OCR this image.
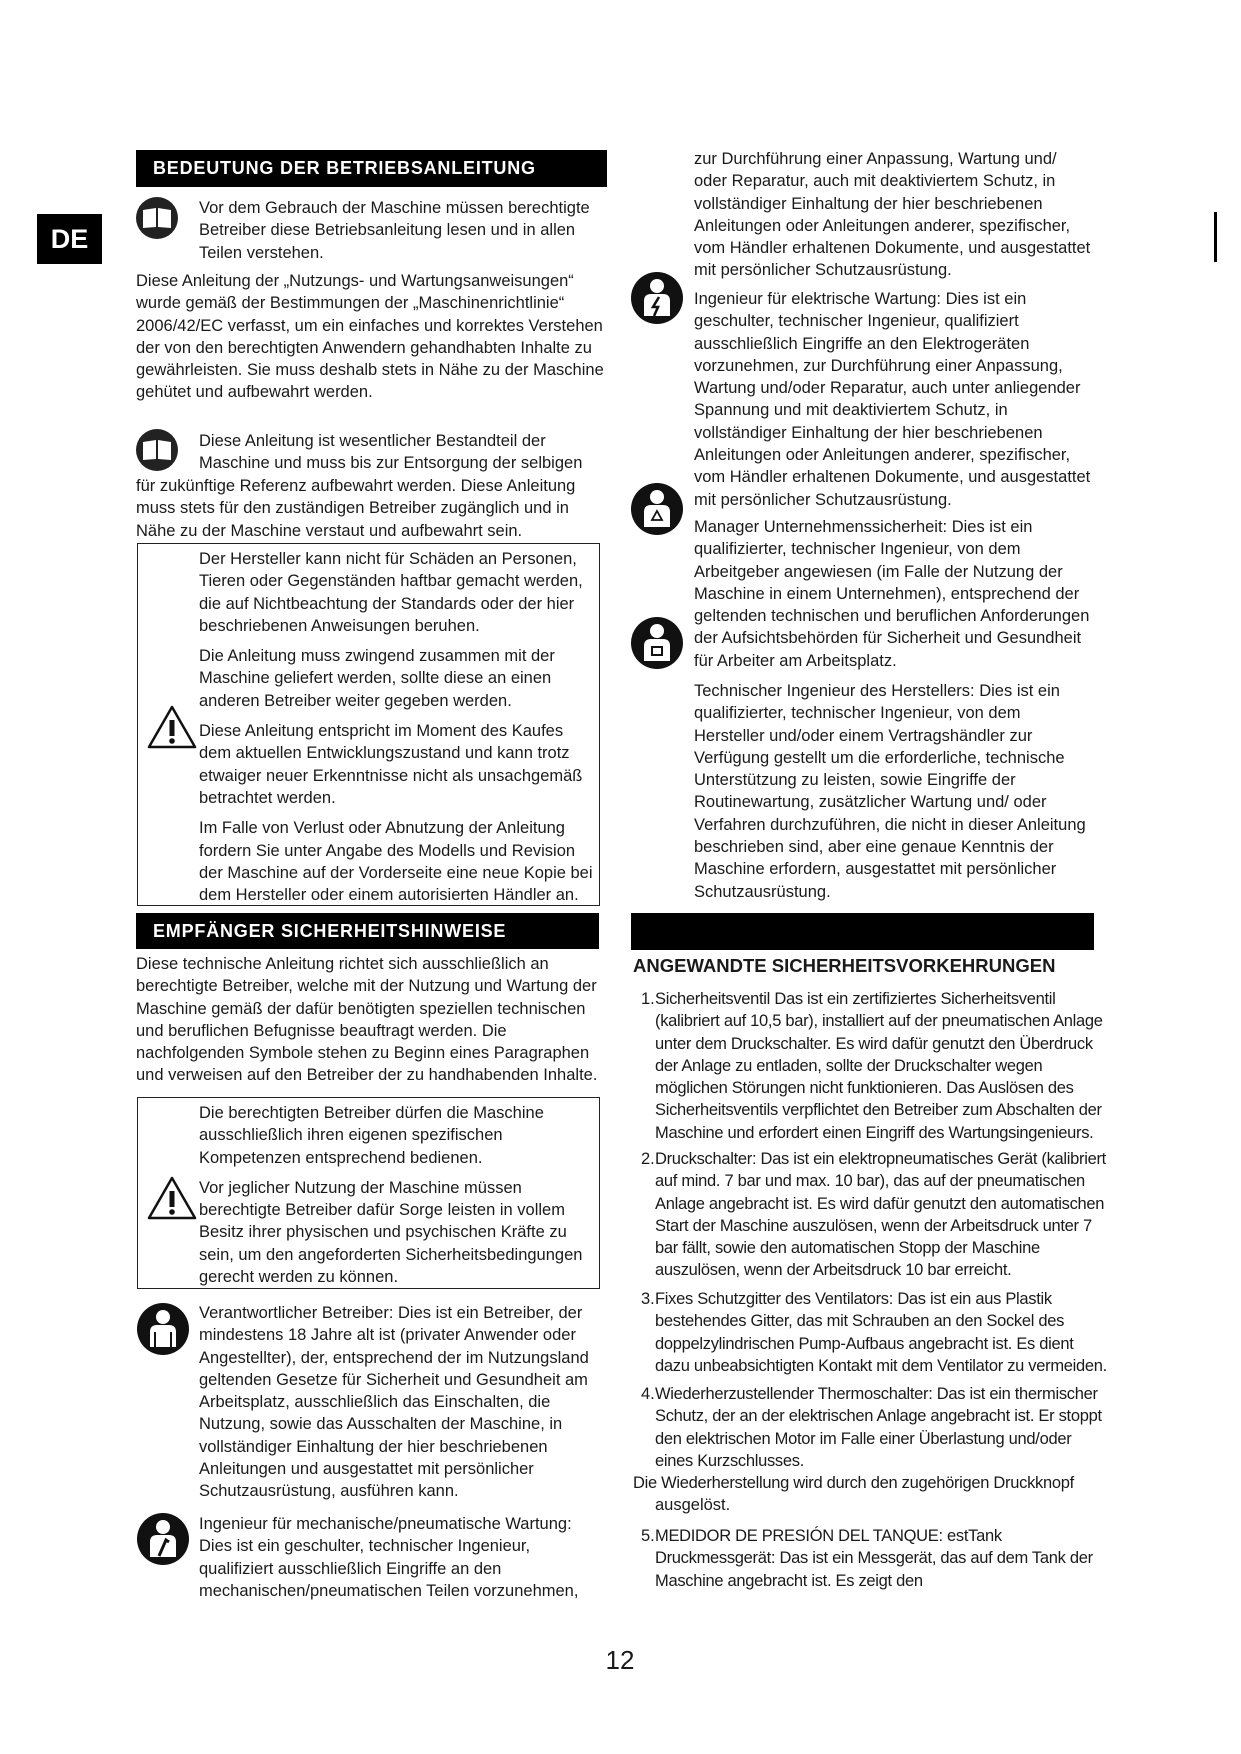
DE
BEDEUTUNG DER BETRIEBSANLEITUNG
Vor dem Gebrauch der Maschine müssen berechtigte Betreiber diese Betriebsanleitung lesen und in allen Teilen verstehen.
Diese Anleitung der „Nutzungs- und Wartungsanweisungen“ wurde gemäß der Bestimmungen der „Maschinenrichtlinie“ 2006/42/EC verfasst, um ein einfaches und korrektes Verstehen der von den berechtigten Anwendern gehandhabten Inhalte zu gewährleisten. Sie muss deshalb stets in Nähe zu der Maschine gehütet und aufbewahrt werden.
Diese Anleitung ist wesentlicher Bestandteil der Maschine und muss bis zur Entsorgung der selbigen
für zukünftige Referenz aufbewahrt werden. Diese Anleitung muss stets für den zuständigen Betreiber zugänglich und in Nähe zu der Maschine verstaut und aufbewahrt sein.

Der Hersteller kann nicht für Schäden an Personen, Tieren oder Gegenständen haftbar gemacht werden, die auf Nichtbeachtung der Standards oder der hier beschriebenen Anweisungen beruhen.

Die Anleitung muss zwingend zusammen mit der Maschine geliefert werden, sollte diese an einen anderen Betreiber weiter gegeben werden.

Diese Anleitung entspricht im Moment des Kaufes dem aktuellen Entwicklungszustand und kann trotz etwaiger neuer Erkenntnisse nicht als unsachgemäß betrachtet werden.

Im Falle von Verlust oder Abnutzung der Anleitung fordern Sie unter Angabe des Modells und Revision der Maschine auf der Vorderseite eine neue Kopie bei dem Hersteller oder einem autorisierten Händler an.

EMPFÄNGER SICHERHEITSHINWEISE
Diese technische Anleitung richtet sich ausschließlich an berechtigte Betreiber, welche mit der Nutzung und Wartung der Maschine gemäß der dafür benötigten speziellen technischen und beruflichen Befugnisse beauftragt werden. Die nachfolgenden Symbole stehen zu Beginn eines Paragraphen und verweisen auf den Betreiber der zu handhabenden Inhalte.

Die berechtigten Betreiber dürfen die Maschine ausschließlich ihren eigenen spezifischen Kompetenzen entsprechend bedienen.

Vor jeglicher Nutzung der Maschine müssen berechtigte Betreiber dafür Sorge leisten in vollem Besitz ihrer physischen und psychischen Kräfte zu sein, um den angeforderten Sicherheitsbedingungen gerecht werden zu können.

Verantwortlicher Betreiber: Dies ist ein Betreiber, der mindestens 18 Jahre alt ist (privater Anwender oder Angestellter), der, entsprechend der im Nutzungsland geltenden Gesetze für Sicherheit und Gesundheit am Arbeitsplatz, ausschließlich das Einschalten, die Nutzung, sowie das Ausschalten der Maschine, in vollständiger Einhaltung der hier beschriebenen Anleitungen und ausgestattet mit persönlicher Schutzausrüstung, ausführen kann.
Ingenieur für mechanische/pneumatische Wartung: Dies ist ein geschulter, technischer Ingenieur, qualifiziert ausschließlich Eingriffe an den mechanischen/pneumatischen Teilen vorzunehmen,
zur Durchführung einer Anpassung, Wartung und/ oder Reparatur, auch mit deaktiviertem Schutz, in vollständiger Einhaltung der hier beschriebenen Anleitungen oder Anleitungen anderer, spezifischer, vom Händler erhaltenen Dokumente, und ausgestattet mit persönlicher Schutzausrüstung.
Ingenieur für elektrische Wartung: Dies ist ein geschulter, technischer Ingenieur, qualifiziert ausschließlich Eingriffe an den Elektrogeräten vorzunehmen, zur Durchführung einer Anpassung, Wartung und/oder Reparatur, auch unter anliegender Spannung und mit deaktiviertem Schutz, in vollständiger Einhaltung der hier beschriebenen Anleitungen oder Anleitungen anderer, spezifischer, vom Händler erhaltenen Dokumente, und ausgestattet mit persönlicher Schutzausrüstung.
Manager Unternehmenssicherheit: Dies ist ein qualifizierter, technischer Ingenieur, von dem Arbeitgeber angewiesen (im Falle der Nutzung der Maschine in einem Unternehmen), entsprechend der geltenden technischen und beruflichen Anforderungen der Aufsichtsbehörden für Sicherheit und Gesundheit für Arbeiter am Arbeitsplatz.
Technischer Ingenieur des Herstellers: Dies ist ein qualifizierter, technischer Ingenieur, von dem Hersteller und/oder einem Vertragshändler zur Verfügung gestellt um die erforderliche, technische Unterstützung zu leisten, sowie Eingriffe der Routinewartung, zusätzlicher Wartung und/ oder Verfahren durchzuführen, die nicht in dieser Anleitung beschrieben sind, aber eine genaue Kenntnis der Maschine erfordern, ausgestattet mit persönlicher Schutzausrüstung.
ANGEWANDTE SICHERHEITSVORKEHRUNGEN
1. Sicherheitsventil Das ist ein zertifiziertes Sicherheitsventil (kalibriert auf 10,5 bar), installiert auf der pneumatischen Anlage unter dem Druckschalter. Es wird dafür genutzt den Überdruck der Anlage zu entladen, sollte der Druckschalter wegen möglichen Störungen nicht funktionieren. Das Auslösen des Sicherheitsventils verpflichtet den Betreiber zum Abschalten der Maschine und erfordert einen Eingriff des Wartungsingenieurs.
2. Druckschalter: Das ist ein elektropneumatisches Gerät (kalibriert auf mind. 7 bar und max. 10 bar), das auf der pneumatischen Anlage angebracht ist. Es wird dafür genutzt den automatischen Start der Maschine auszulösen, wenn der Arbeitsdruck unter 7 bar fällt, sowie den automatischen Stopp der Maschine auszulösen, wenn der Arbeitsdruck 10 bar erreicht.
3. Fixes Schutzgitter des Ventilators: Das ist ein aus Plastik bestehendes Gitter, das mit Schrauben an den Sockel des doppelzylindrischen Pump-Aufbaus angebracht ist. Es dient dazu unbeabsichtigten Kontakt mit dem Ventilator zu vermeiden.
4. Wiederherzustellender Thermoschalter: Das ist ein thermischer Schutz, der an der elektrischen Anlage angebracht ist. Er stoppt den elektrischen Motor im Falle einer Überlastung und/oder eines Kurzschlusses.
Die Wiederherstellung wird durch den zugehörigen Druckknopf
ausgelöst.
5. MEDIDOR DE PRESIÓN DEL TANQUE: estTank Druckmessgerät: Das ist ein Messgerät, das auf dem Tank der Maschine angebracht ist. Es zeigt den
12
